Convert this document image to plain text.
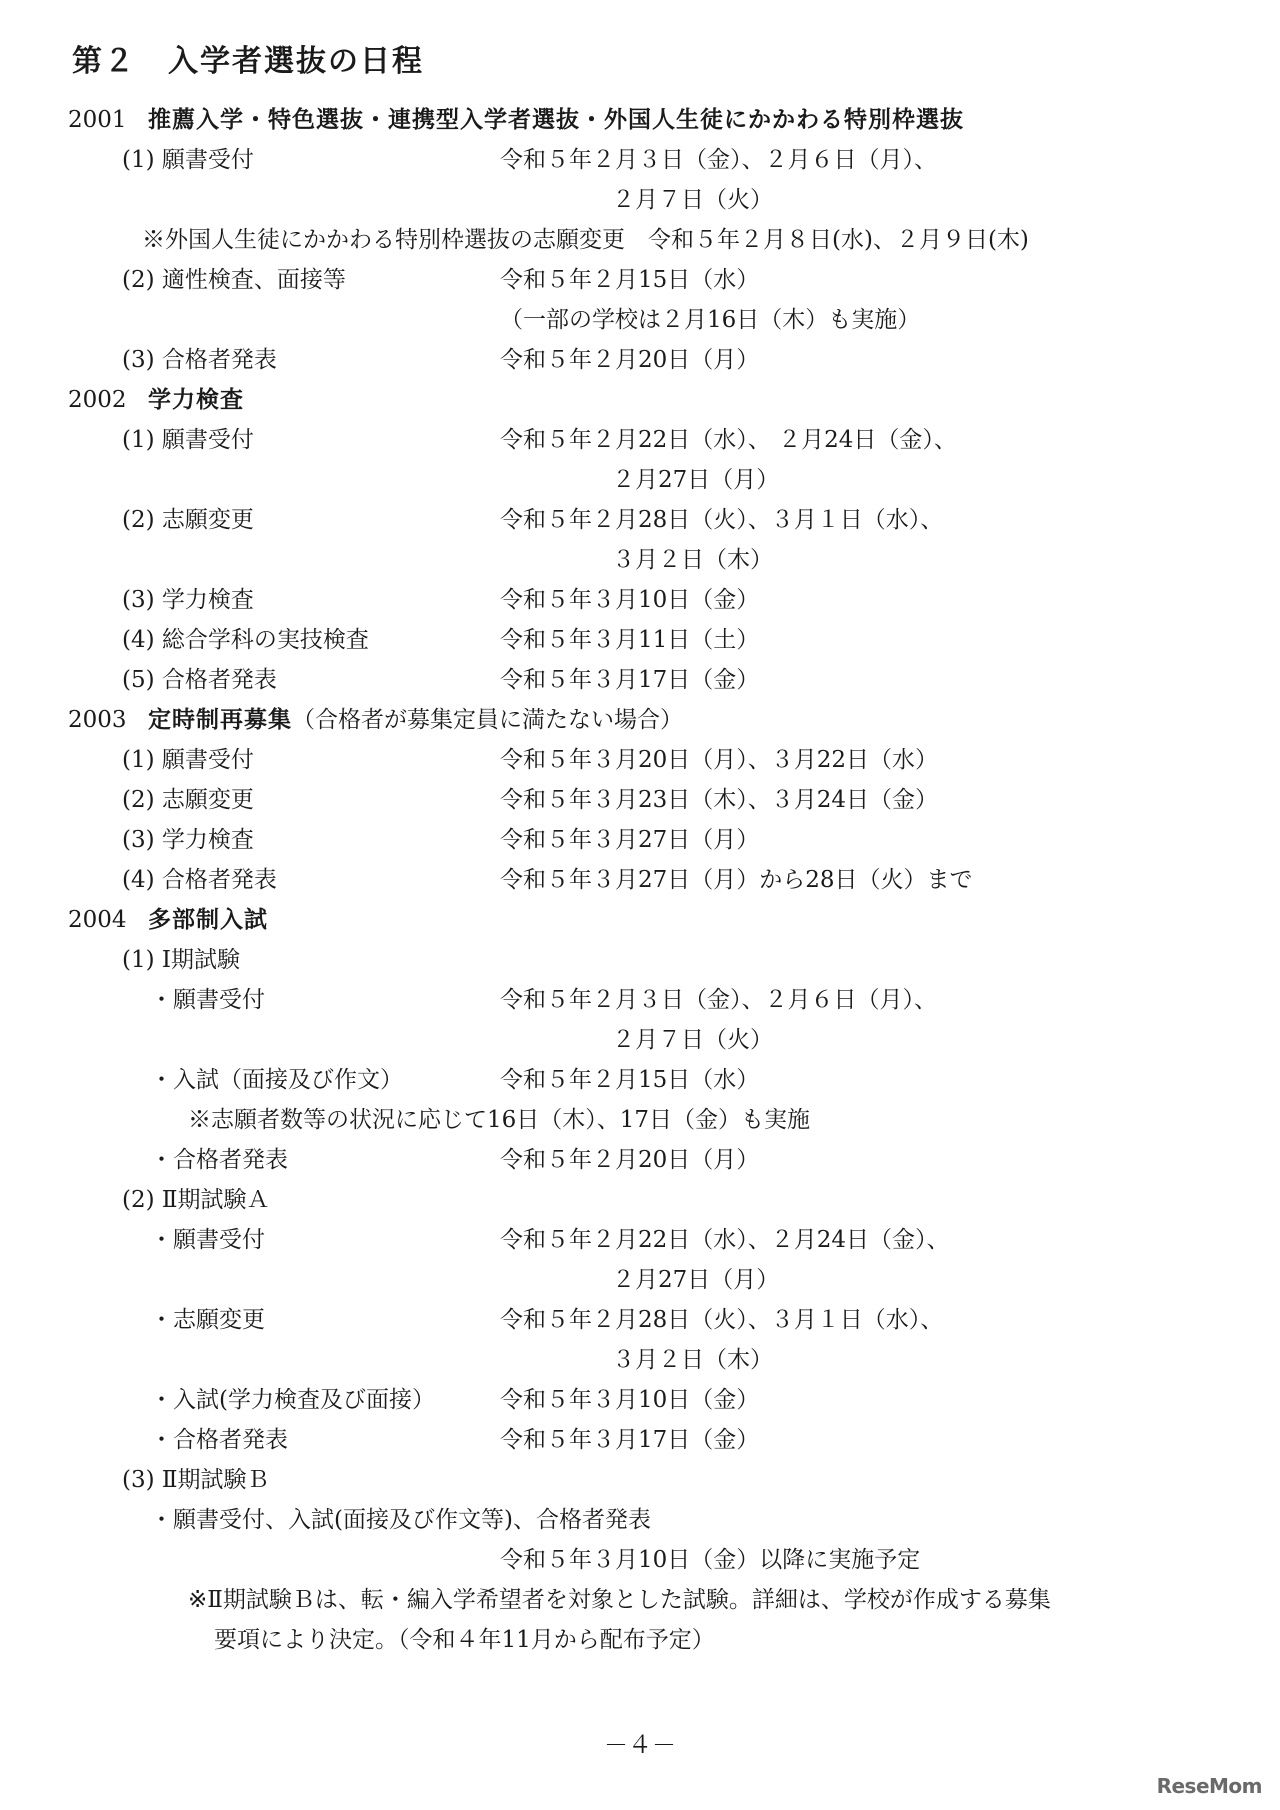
第２　入学者選抜の日程
2001 推薦入学・特色選抜・連携型入学者選抜・外国人生徒にかかわる特別枠選抜
(1) 願書受付	令和５年２月３日（金）、２月６日（月）、
２月７日（火）
※外国人生徒にかかわる特別枠選抜の志願変更　令和５年２月８日(水)、２月９日(木)
(2) 適性検査、面接等	令和５年２月15日（水）
（一部の学校は２月16日（木）も実施）
(3) 合格者発表	令和５年２月20日（月）
2002 学力検査
(1) 願書受付	令和５年２月22日（水）、 ２月24日（金）、
２月27日（月）
(2) 志願変更	令和５年２月28日（火）、３月１日（水）、
３月２日（木）
(3) 学力検査	令和５年３月10日（金）
(4) 総合学科の実技検査	令和５年３月11日（土）
(5) 合格者発表	令和５年３月17日（金）
2003 定時制再募集（合格者が募集定員に満たない場合）
(1) 願書受付	令和５年３月20日（月）、３月22日（水）
(2) 志願変更	令和５年３月23日（木）、３月24日（金）
(3) 学力検査	令和５年３月27日（月）
(4) 合格者発表	令和５年３月27日（月）から28日（火）まで
2004 多部制入試
(1) Ⅰ期試験
・願書受付	令和５年２月３日（金）、２月６日（月）、
２月７日（火）
・入試（面接及び作文）	令和５年２月15日（水）
※志願者数等の状況に応じて16日（木）、17日（金）も実施
・合格者発表	令和５年２月20日（月）
(2) Ⅱ期試験Ａ
・願書受付	令和５年２月22日（水）、２月24日（金）、
２月27日（月）
・志願変更	令和５年２月28日（火）、３月１日（水）、
３月２日（木）
・入試(学力検査及び面接）	令和５年３月10日（金）
・合格者発表	令和５年３月17日（金）
(3) Ⅱ期試験Ｂ
・願書受付、入試(面接及び作文等)、合格者発表
令和５年３月10日（金）以降に実施予定
※Ⅱ期試験Ｂは、転・編入学希望者を対象とした試験。詳細は、学校が作成する募集
要項により決定。（令和４年11月から配布予定）
－４－
ReseMom
